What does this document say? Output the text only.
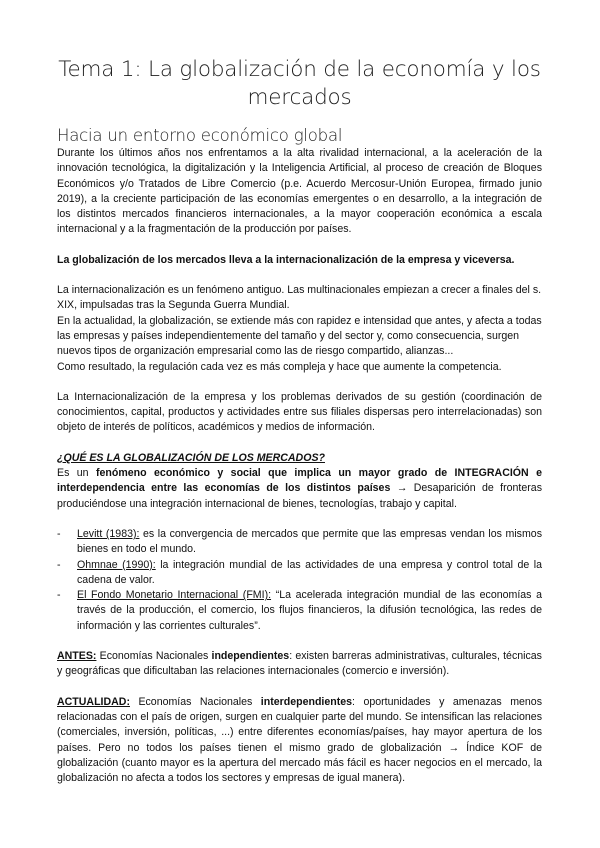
Tema 1: La globalización de la economía y los mercados
Hacia un entorno económico global

Durante los últimos años nos enfrentamos a la alta rivalidad internacional, a la aceleración de la innovación tecnológica, la digitalización y la Inteligencia Artificial, al proceso de creación de Bloques Económicos y/o Tratados de Libre Comercio (p.e. Acuerdo Mercosur-Unión Europea, firmado junio 2019), a la creciente participación de las economías emergentes o en desarrollo, a la integración de los distintos mercados financieros internacionales, a la mayor cooperación económica a escala internacional y a la fragmentación de la producción por países.

La globalización de los mercados lleva a la internacionalización de la empresa y viceversa.

La internacionalización es un fenómeno antiguo. Las multinacionales empiezan a crecer a finales del s. XIX, impulsadas tras la Segunda Guerra Mundial.

En la actualidad, la globalización, se extiende más con rapidez e intensidad que antes, y afecta a todas las empresas y países independientemente del tamaño y del sector y, como consecuencia, surgen nuevos tipos de organización empresarial como las de riesgo compartido, alianzas...

Como resultado, la regulación cada vez es más compleja y hace que aumente la competencia.

La Internacionalización de la empresa y los problemas derivados de su gestión (coordinación de conocimientos, capital, productos y actividades entre sus filiales dispersas pero interrelacionadas) son objeto de interés de políticos, académicos y medios de información.

¿QUÉ ES LA GLOBALIZACIÓN DE LOS MERCADOS?

Es un fenómeno económico y social que implica un mayor grado de INTEGRACIÓN e interdependencia entre las economías de los distintos países → Desaparición de fronteras produciéndose una integración internacional de bienes, tecnologías, trabajo y capital.

- Levitt (1983): es la convergencia de mercados que permite que las empresas vendan los mismos bienes en todo el mundo.
- Ohmnae (1990): la integración mundial de las actividades de una empresa y control total de la cadena de valor.
- El Fondo Monetario Internacional (FMI): “La acelerada integración mundial de las economías a través de la producción, el comercio, los flujos financieros, la difusión tecnológica, las redes de información y las corrientes culturales”.

ANTES: Economías Nacionales independientes: existen barreras administrativas, culturales, técnicas y geográficas que dificultaban las relaciones internacionales (comercio e inversión).

ACTUALIDAD: Economías Nacionales interdependientes: oportunidades y amenazas menos relacionadas con el país de origen, surgen en cualquier parte del mundo. Se intensifican las relaciones (comerciales, inversión, políticas, ...) entre diferentes economías/países, hay mayor apertura de los países. Pero no todos los países tienen el mismo grado de globalización → Índice KOF de globalización (cuanto mayor es la apertura del mercado más fácil es hacer negocios en el mercado, la globalización no afecta a todos los sectores y empresas de igual manera).
